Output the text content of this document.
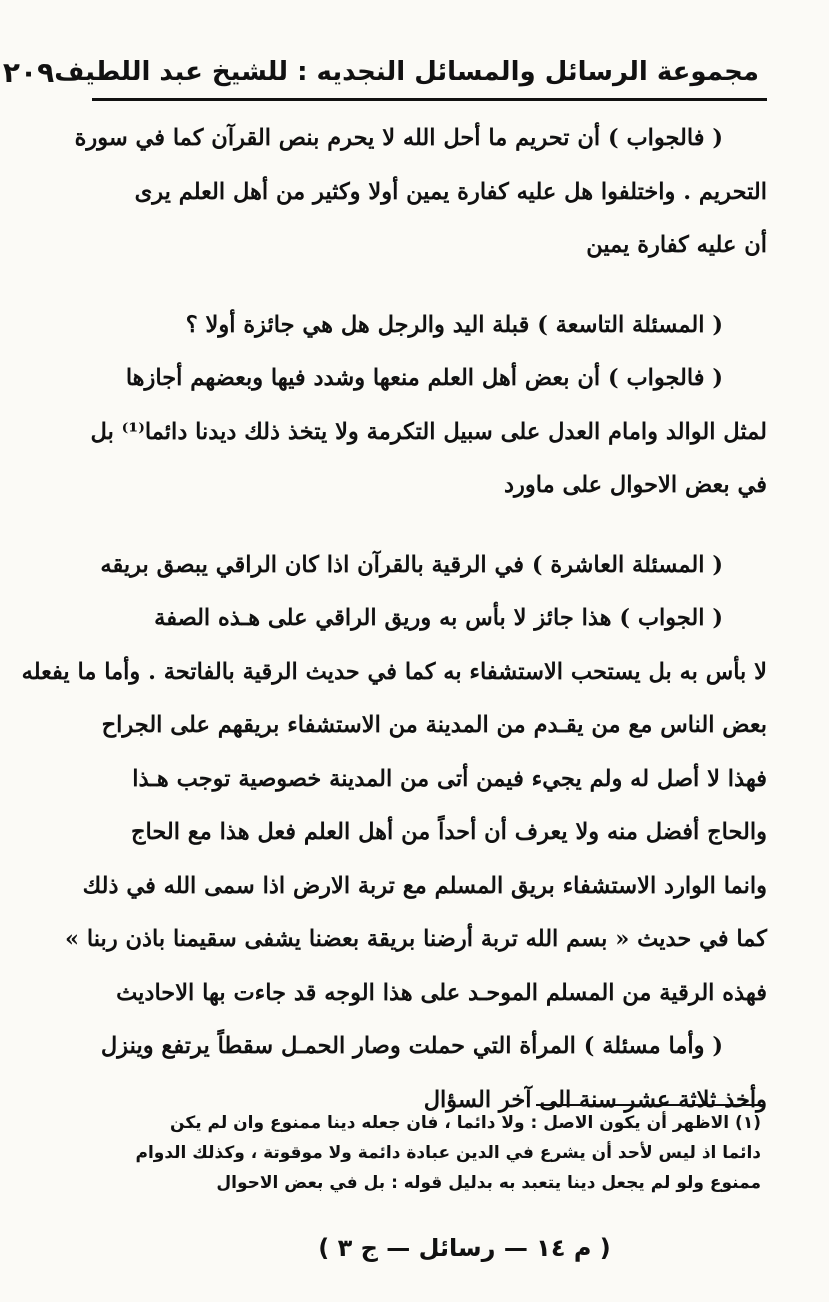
مجموعة الرسائل والمسائل النجديه : للشيخ عبد اللطيف
٢٠٩
( فالجواب ) أن تحريم ما أحل الله لا يحرم بنص القرآن كما في سورة
التحريم . واختلفوا هل عليه كفارة يمين أولا وكثير من أهل العلم يرى
أن عليه كفارة يمين
( المسئلة التاسعة ) قبلة اليد والرجل هل هي جائزة أولا ؟
( فالجواب ) أن بعض أهل العلم منعها وشدد فيها وبعضهم أجازها
لمثل الوالد وامام العدل على سبيل التكرمة ولا يتخذ ذلك ديدنا دائما⁽¹⁾ بل
في بعض الاحوال على ماورد
( المسئلة العاشرة ) في الرقية بالقرآن اذا كان الراقي يبصق بريقه
( الجواب ) هذا جائز لا بأس به وريق الراقي على هـذه الصفة
لا بأس به بل يستحب الاستشفاء به كما في حديث الرقية بالفاتحة . وأما ما يفعله
بعض الناس مع من يقـدم من المدينة من الاستشفاء بريقهم على الجراح
فهذا لا أصل له ولم يجيء فيمن أتى من المدينة خصوصية توجب هـذا
والحاج أفضل منه ولا يعرف أن أحداً من أهل العلم فعل هذا مع الحاج
وانما الوارد الاستشفاء بريق المسلم مع تربة الارض اذا سمى الله في ذلك
كما في حديث « بسم الله تربة أرضنا بريقة بعضنا يشفى سقيمنا باذن ربنا »
فهذه الرقية من المسلم الموحـد على هذا الوجه قد جاءت بها الاحاديث
( وأما مسئلة ) المرأة التي حملت وصار الحمـل سقطاً يرتفع وينزل
وأخذ ثلاثة عشر سنة الى آخر السؤال
(١) الاظهر أن يكون الاصل : ولا دائما ، فان جعله دينا ممنوع وان لم يكن
دائما اذ ليس لأحد أن يشرع في الدين عبادة دائمة ولا موقوتة ، وكذلك الدوام
ممنوع ولو لم يجعل دينا يتعبد به بدليل قوله : بل في بعض الاحوال
( م ١٤ — رسائل — ج ٣ )
